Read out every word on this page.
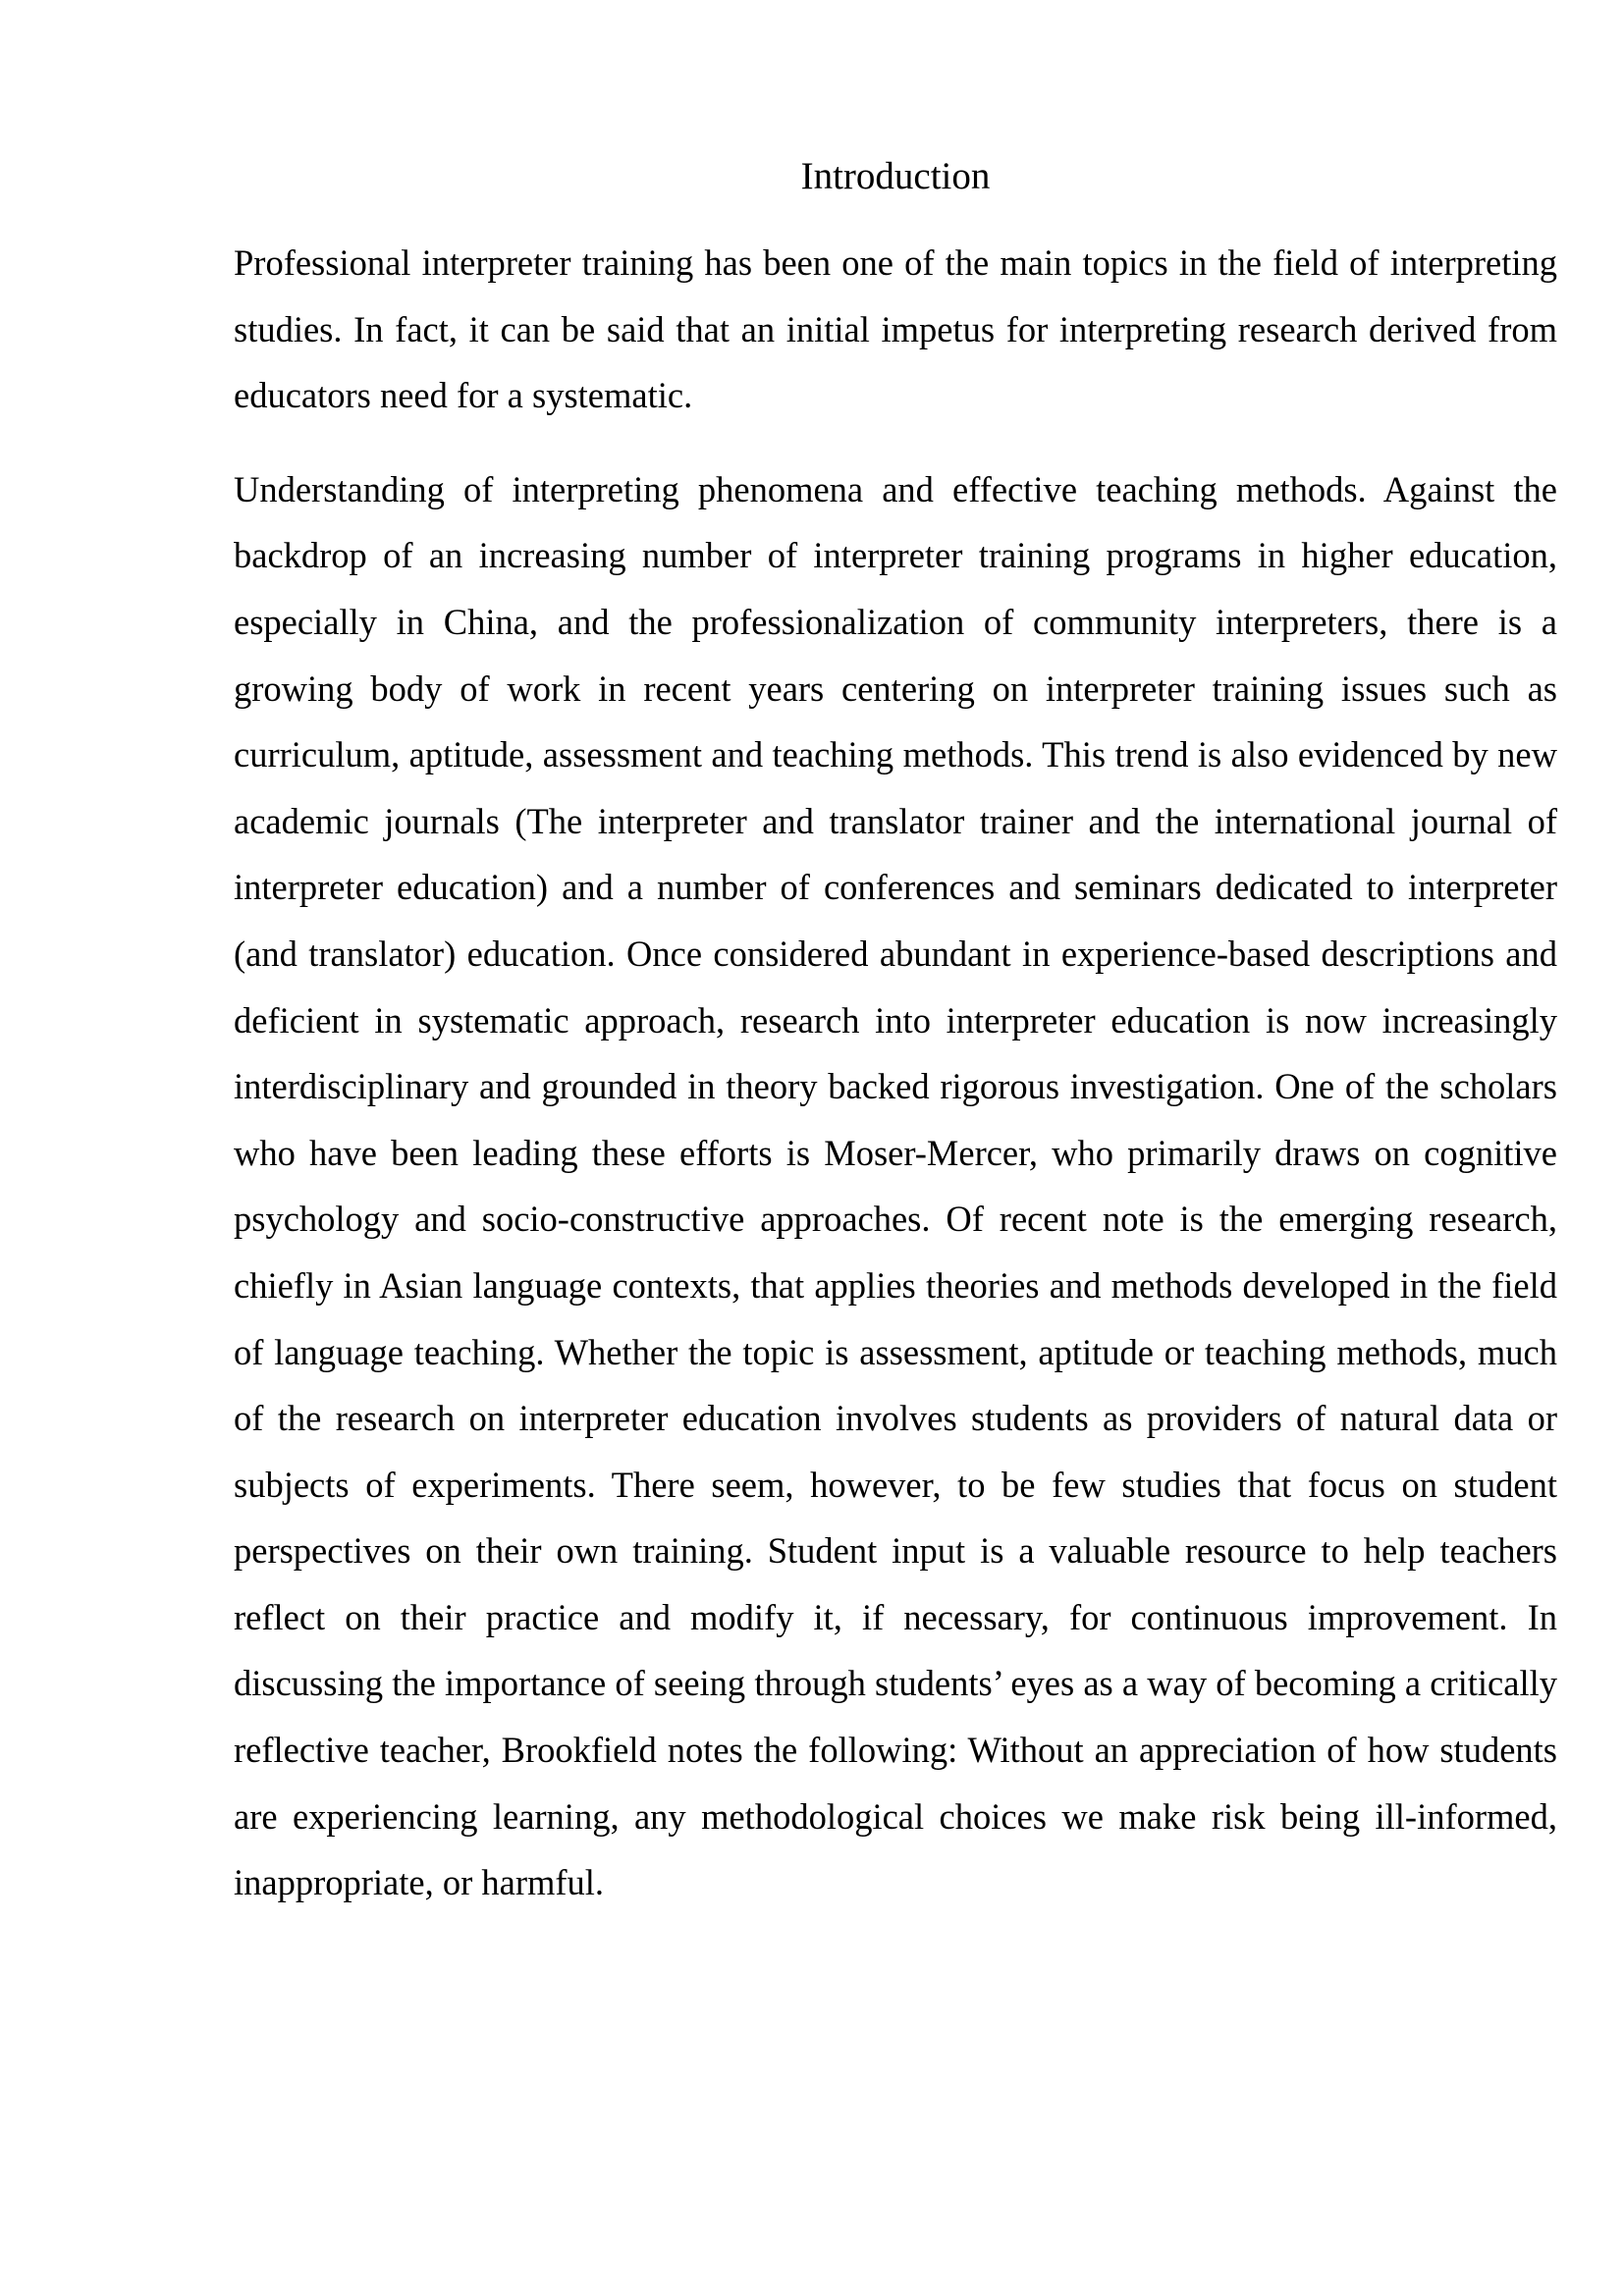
Introduction

Professional interpreter training has been one of the main topics in the field of interpreting studies. In fact, it can be said that an initial impetus for interpreting research derived from educators need for a systematic.

Understanding of interpreting phenomena and effective teaching methods. Against the backdrop of an increasing number of interpreter training programs in higher education, especially in China, and the professionalization of community interpreters, there is a growing body of work in recent years centering on interpreter training issues such as curriculum, aptitude, assessment and teaching methods. This trend is also evidenced by new academic journals (The interpreter and translator trainer and the international journal of interpreter education) and a number of conferences and seminars dedicated to interpreter (and translator) education. Once considered abundant in experience-based descriptions and deficient in systematic approach, research into interpreter education is now increasingly interdisciplinary and grounded in theory backed rigorous investigation. One of the scholars who have been leading these efforts is Moser-Mercer, who primarily draws on cognitive psychology and socio-constructive approaches. Of recent note is the emerging research, chiefly in Asian language contexts, that applies theories and methods developed in the field of language teaching. Whether the topic is assessment, aptitude or teaching methods, much of the research on interpreter education involves students as providers of natural data or subjects of experiments. There seem, however, to be few studies that focus on student perspectives on their own training. Student input is a valuable resource to help teachers reflect on their practice and modify it, if necessary, for continuous improvement. In discussing the importance of seeing through students’ eyes as a way of becoming a critically reflective teacher, Brookfield notes the following: Without an appreciation of how students are experiencing learning, any methodological choices we make risk being ill-informed, inappropriate, or harmful.
